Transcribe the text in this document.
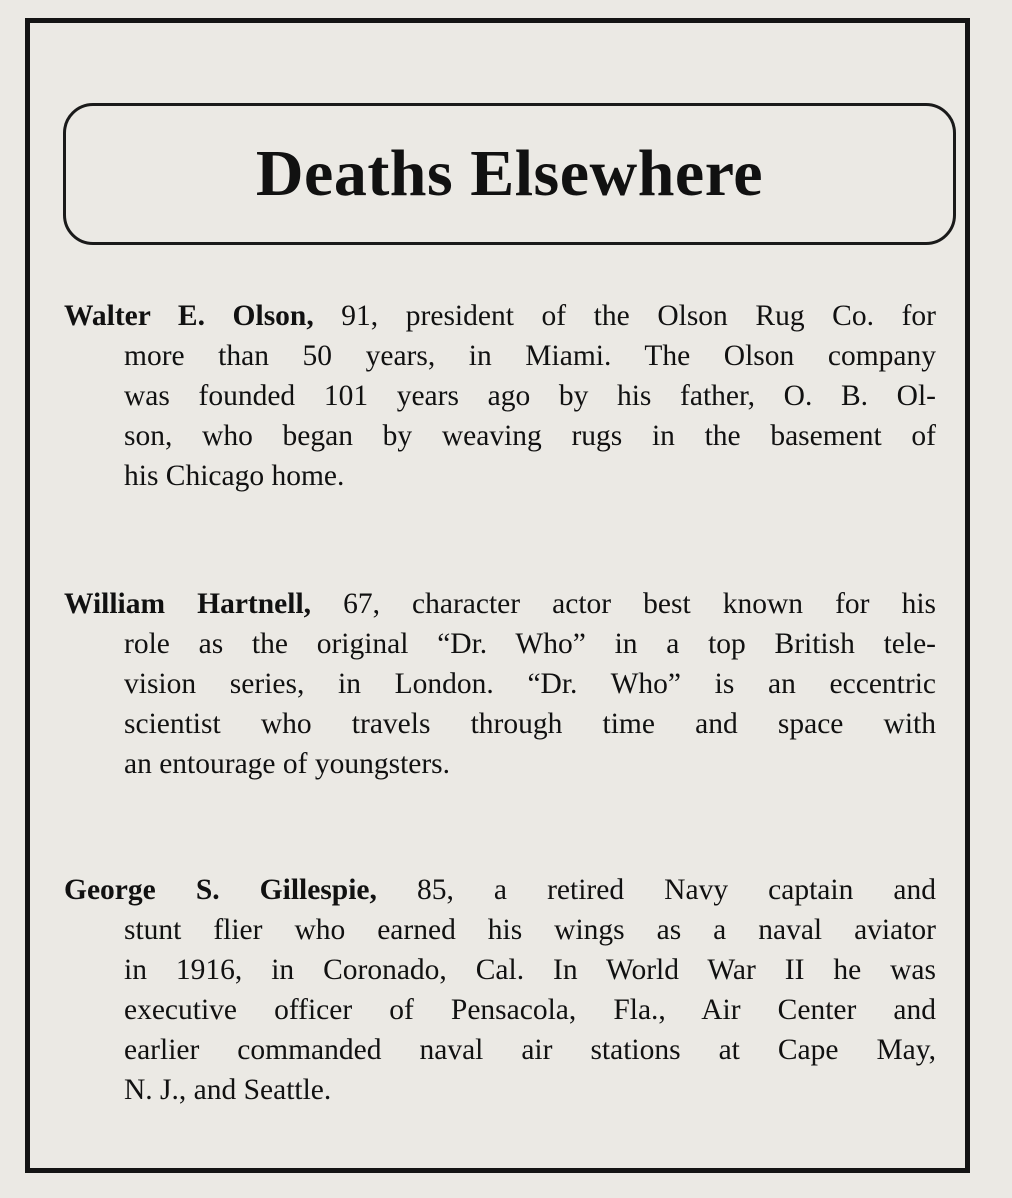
Deaths Elsewhere
Walter E. Olson, 91, president of the Olson Rug Co. for
more than 50 years, in Miami. The Olson company
was founded 101 years ago by his father, O. B. Ol-
son, who began by weaving rugs in the basement of
his Chicago home.
William Hartnell, 67, character actor best known for his
role as the original “Dr. Who” in a top British tele-
vision series, in London. “Dr. Who” is an eccentric
scientist who travels through time and space with
an entourage of youngsters.
George S. Gillespie, 85, a retired Navy captain and
stunt flier who earned his wings as a naval aviator
in 1916, in Coronado, Cal. In World War II he was
executive officer of Pensacola, Fla., Air Center and
earlier commanded naval air stations at Cape May,
N. J., and Seattle.
